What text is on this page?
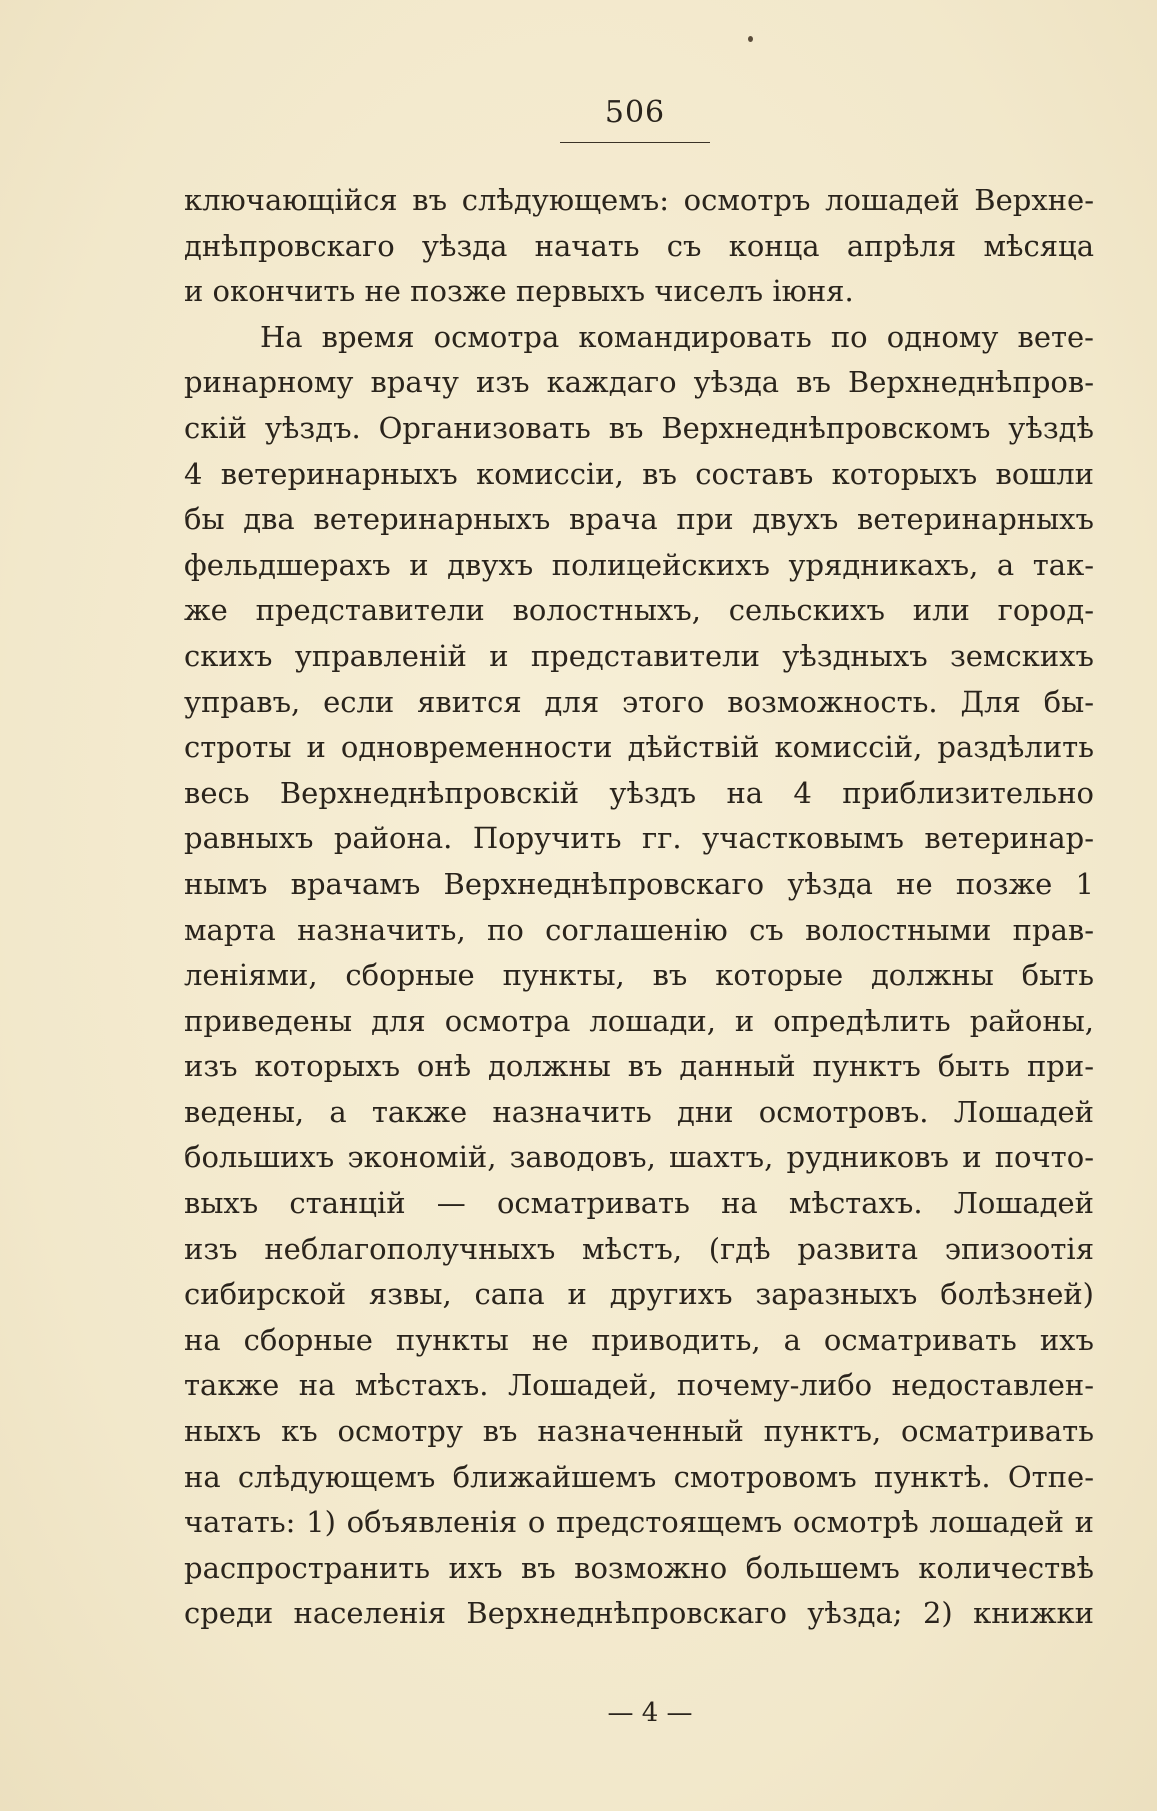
506
ключающійся въ слѣдующемъ: осмотръ лошадей Верхне-
днѣпровскаго уѣзда начать съ конца апрѣля мѣсяца
и окончить не позже первыхъ чиселъ іюня.
На время осмотра командировать по одному вете-
ринарному врачу изъ каждаго уѣзда въ Верхнеднѣпров-
скій уѣздъ. Организовать въ Верхнеднѣпровскомъ уѣздѣ
4 ветеринарныхъ комиссіи, въ составъ которыхъ вошли
бы два ветеринарныхъ врача при двухъ ветеринарныхъ
фельдшерахъ и двухъ полицейскихъ урядникахъ, а так-
же представители волостныхъ, сельскихъ или город-
скихъ управленій и представители уѣздныхъ земскихъ
управъ, если явится для этого возможность. Для бы-
строты и одновременности дѣйствій комиссій, раздѣлить
весь Верхнеднѣпровскій уѣздъ на 4 приблизительно
равныхъ района. Поручить гг. участковымъ ветеринар-
нымъ врачамъ Верхнеднѣпровскаго уѣзда не позже 1
марта назначить, по соглашенію съ волостными прав-
леніями, сборные пункты, въ которые должны быть
приведены для осмотра лошади, и опредѣлить районы,
изъ которыхъ онѣ должны въ данный пунктъ быть при-
ведены, а также назначить дни осмотровъ. Лошадей
большихъ экономій, заводовъ, шахтъ, рудниковъ и почто-
выхъ станцій — осматривать на мѣстахъ. Лошадей
изъ неблагополучныхъ мѣстъ, (гдѣ развита эпизоотія
сибирской язвы, сапа и другихъ заразныхъ болѣзней)
на сборные пункты не приводить, а осматривать ихъ
также на мѣстахъ. Лошадей, почему-либо недоставлен-
ныхъ къ осмотру въ назначенный пунктъ, осматривать
на слѣдующемъ ближайшемъ смотровомъ пунктѣ. Отпе-
чатать: 1) объявленія о предстоящемъ осмотрѣ лошадей и
распространить ихъ въ возможно большемъ количествѣ
среди населенія Верхнеднѣпровскаго уѣзда; 2) книжки
— 4 —
